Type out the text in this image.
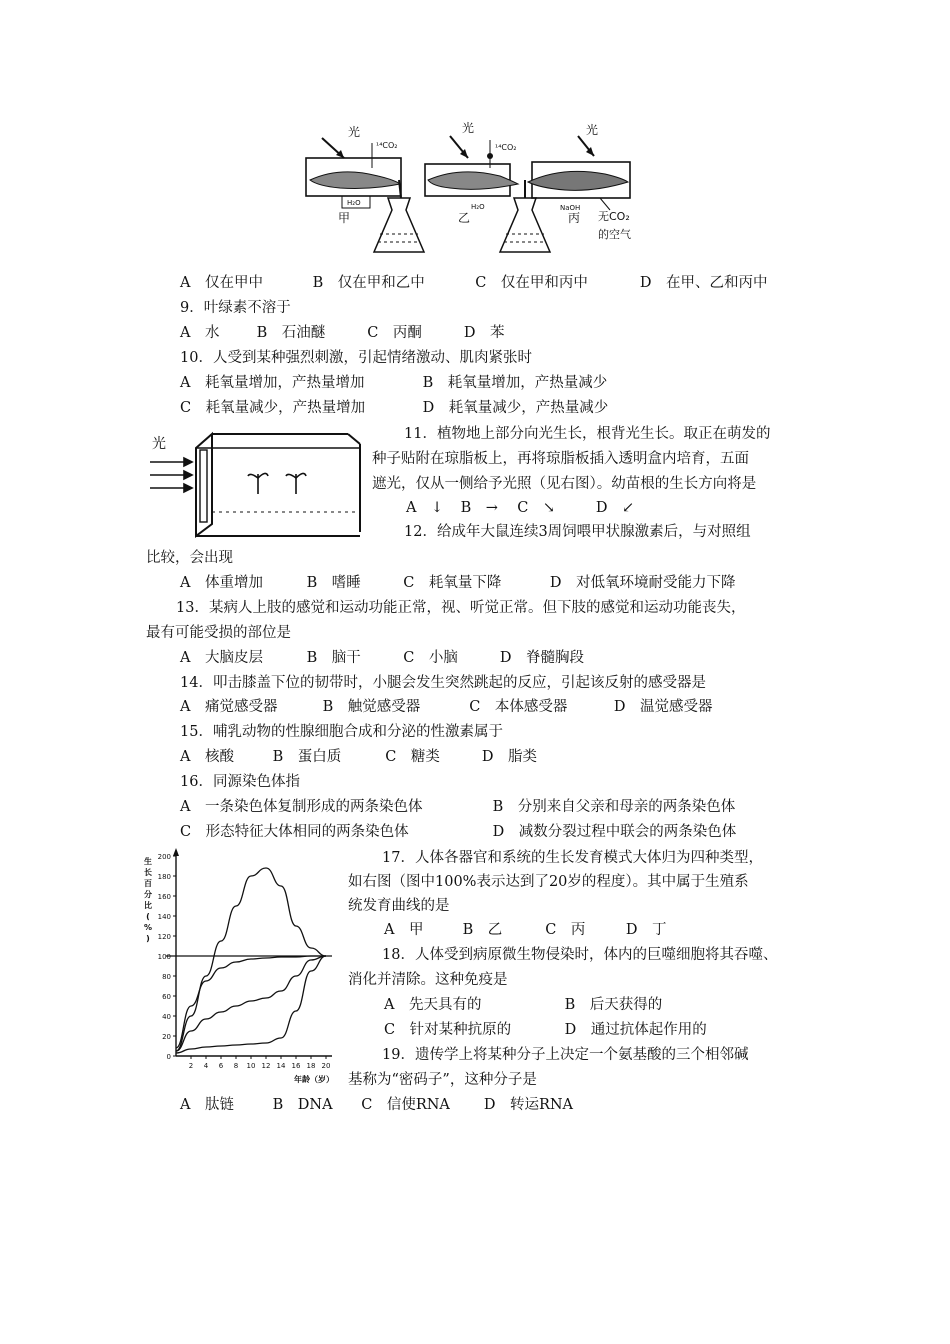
H₂O
光
¹⁴CO₂
甲
H₂O
光
¹⁴CO₂
乙
NaOH
光
丙 无CO₂
的空气
A　仅在甲中	B　仅在甲和乙中	C　仅在甲和丙中	D　在甲、乙和丙中
9．叶绿素不溶于
A　水	B　石油醚	C　丙酮	D　苯
10．人受到某种强烈刺激，引起情绪激动、肌肉紧张时
A　耗氧量增加，产热量增加	B　耗氧量增加，产热量减少
C　耗氧量减少，产热量增加	D　耗氧量减少，产热量减少
光
11．植物地上部分向光生长，根背光生长。取正在萌发的
种子贴附在琼脂板上，再将琼脂板插入透明盒内培育，五面
遮光，仅从一侧给予光照（见右图）。幼苗根的生长方向将是
A　↓ B　→ C　↘	D　↙
12．给成年大鼠连续3周饲喂甲状腺激素后，与对照组
比较，会出现
A　体重增加	B　嗜睡	C　耗氧量下降	D　对低氧环境耐受能力下降
13．某病人上肢的感觉和运动功能正常，视、听觉正常。但下肢的感觉和运动功能丧失，
最有可能受损的部位是
A　大脑皮层	B　脑干	C　小脑	D　脊髓胸段
14．叩击膝盖下位的韧带时，小腿会发生突然跳起的反应，引起该反射的感受器是
A　痛觉感受器	B　触觉感受器	C　本体感受器	D　温觉感受器
15．哺乳动物的性腺细胞合成和分泌的性激素属于
A　核酸	B　蛋白质	C　糖类	D　脂类
16．同源染色体指
A　一条染色体复制形成的两条染色体	B　分别来自父亲和母亲的两条染色体
C　形态特征大体相同的两条染色体	D　减数分裂过程中联会的两条染色体
0
20
40
60
80
100
120
140
160
180
200
2 4 6 8 10 12 14 16 18 20
生
长
百
分
比
(
%
)
年龄（岁）
17．人体各器官和系统的生长发育模式大体归为四种类型，
如右图（图中100%表示达到了20岁的程度）。其中属于生殖系
统发育曲线的是
A　甲	B　乙	C　丙	D　丁
18．人体受到病原微生物侵染时，体内的巨噬细胞将其吞噬、
消化并清除。这种免疫是
A　先天具有的	B　后天获得的
C　针对某种抗原的	D　通过抗体起作用的
19．遗传学上将某种分子上决定一个氨基酸的三个相邻碱
基称为“密码子”，这种分子是
A　肽链	B　DNA C　信使RNA D　转运RNA
